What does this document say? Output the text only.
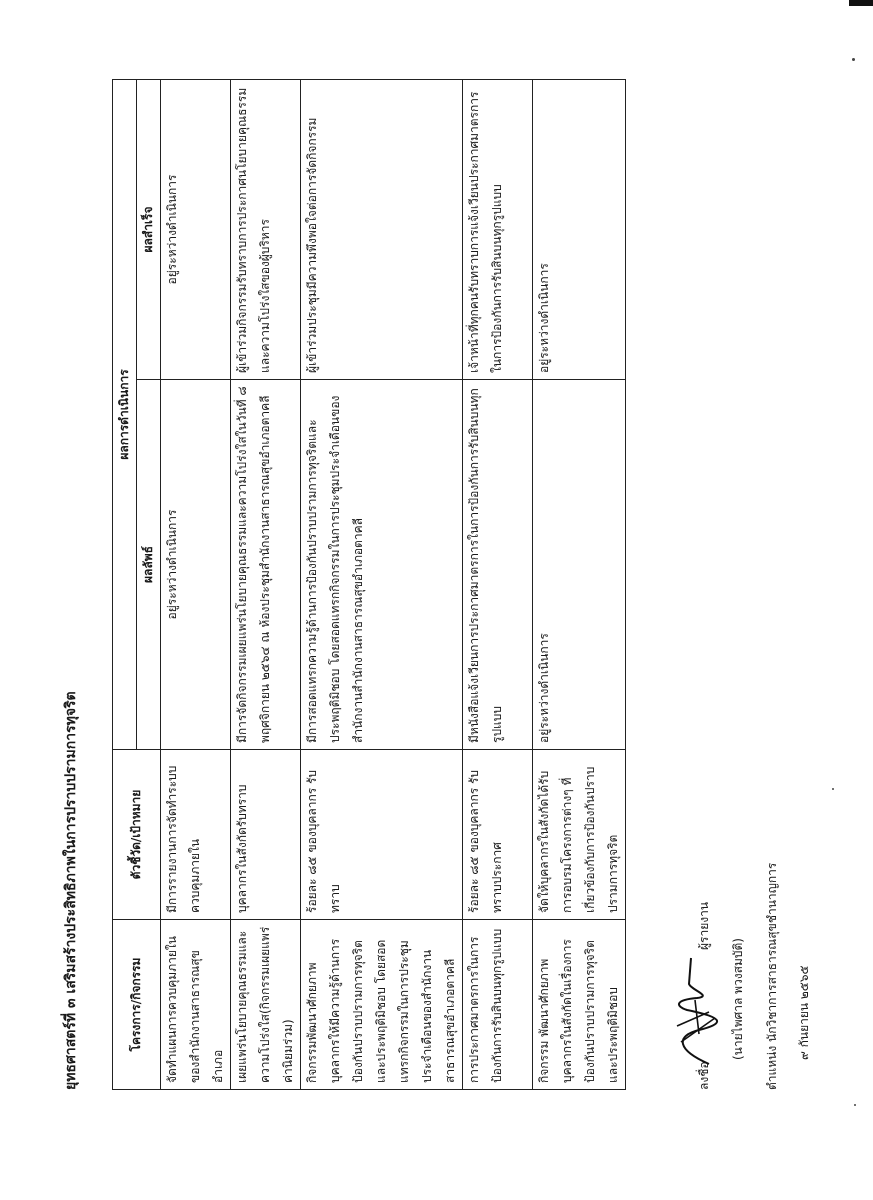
ยุทธศาสตร์ที่ ๓ เสริมสร้างประสิทธิภาพในการปราบปรามการทุจริต	โครงการ/กิจกรรม	ตัวชี้วัด/เป้าหมาย	ผลการดำเนินการ	
		ผลลัพธ์	ผลสำเร็จ
จัดทำแผนการควบคุมภายในของสำนักงานสาธารณสุขอำเภอ	มีการรายงานการจัดทำระบบควบคุมภายใน	อยู่ระหว่างดำเนินการ	อยู่ระหว่างดำเนินการ
เผยแพร่นโยบายคุณธรรมและความโปร่งใส(กิจกรรมเผยแพร่ค่านิยมร่วม)	บุคลากรในสังกัดรับทราบ	มีการจัดกิจกรรมเผยแพร่นโยบายคุณธรรมและความโปร่งใสในวันที่ ๘ พฤศจิกายน ๒๕๖๔ ณ ห้องประชุมสำนักงานสาธารณสุขอำเภอตาคลี	ผู้เข้าร่วมกิจกรรมรับทราบการประกาศนโยบายคุณธรรมและความโปร่งใสของผู้บริหาร
กิจกรรมพัฒนาศักยภาพบุคลากรให้มีความรู้ด้านการป้องกันปราบปรามการทุจริตและประพฤติมิชอบ โดยสอดแทรกกิจกรรมในการประชุมประจำเดือนของสำนักงานสาธารณสุขอำเภอตาคลี	ร้อยละ ๘๕ ของบุคลากร รับทราบ	มีการสอดแทรกความรู้ด้านการป้องกันปราบปรามการทุจริตและประพฤติมิชอบ โดยสอดแทรกกิจกรรมในการประชุมประจำเดือนของสำนักงานสำนักงานสาธารณสุขอำเภอตาคลี	ผู้เข้าร่วมประชุมมีความพึงพอใจต่อการจัดกิจกรรม
การประกาศมาตรการในการป้องกันการรับสินบนทุกรูปแบบ	ร้อยละ ๘๕ ของบุคลากร รับทราบประกาศ	มีหนังสือแจ้งเวียนการประกาศมาตรการในการป้องกันการรับสินบนทุกรูปแบบ	เจ้าหน้าที่ทุกคนรับทราบการแจ้งเวียนประกาศมาตรการในการป้องกันการรับสินบนทุกรูปแบบ
กิจกรรม พัฒนาศักยภาพบุคลากรในสังกัดในเรื่องการป้องกันปราบปรามการทุจริตและประพฤติมิชอบ	จัดให้บุคลากรในสังกัดได้รับการอบรมโครงการต่างๆ ที่เกี่ยวข้องกับการป้องกันปราบปรามการทุจริต	อยู่ระหว่างดำเนินการ	อยู่ระหว่างดำเนินการ
ลงชื่อ
ผู้รายงาน
(นายไพศาล พวงสมบัติ) ตำแหน่ง นักวิชาการสาธารณสุขชำนาญการ ๙ กันยายน ๒๕๖๕
